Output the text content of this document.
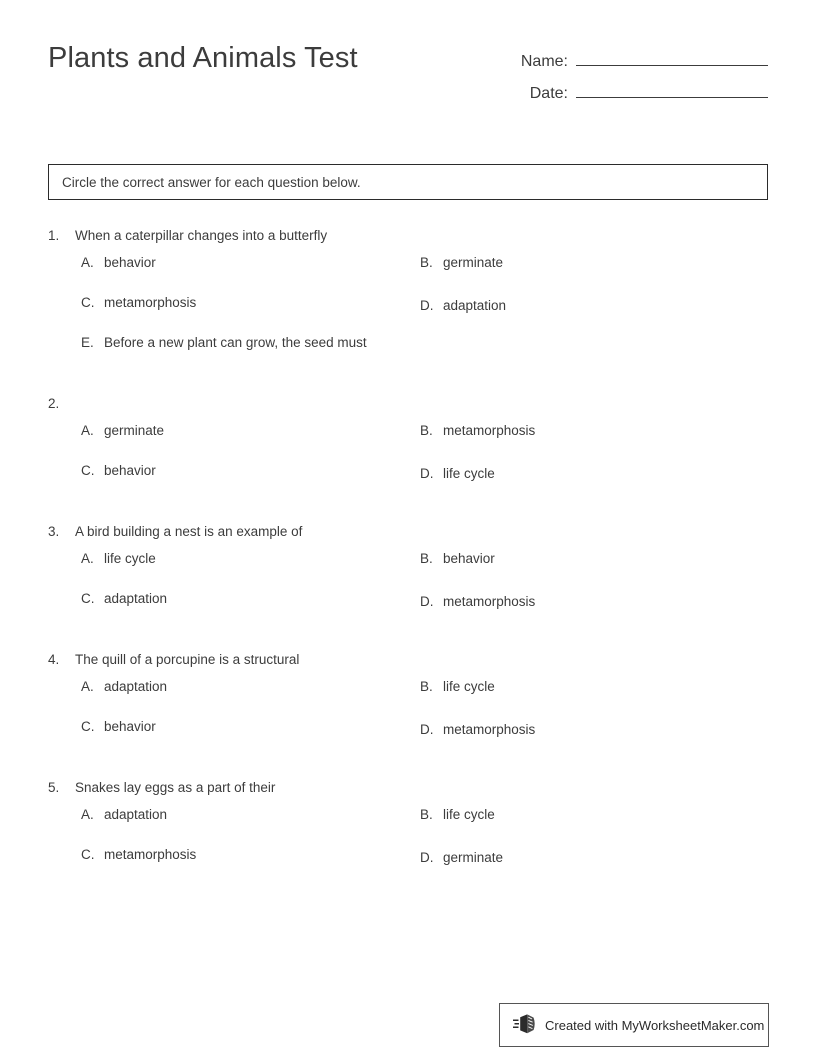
Plants and Animals Test	Name:
Date:
Circle the correct answer for each question below.
1.	When a caterpillar changes into a butterfly
A. behavior	B. germinate
C. metamorphosis	D. adaptation
E. Before a new plant can grow, the seed must
2.
A. germinate	B. metamorphosis
C. behavior	D. life cycle
3.	A bird building a nest is an example of
A. life cycle	B. behavior
C. adaptation	D. metamorphosis
4.	The quill of a porcupine is a structural
A. adaptation	B. life cycle
C. behavior	D. metamorphosis
5.	Snakes lay eggs as a part of their
A. adaptation	B. life cycle
C. metamorphosis	D. germinate
Created with MyWorksheetMaker.com
